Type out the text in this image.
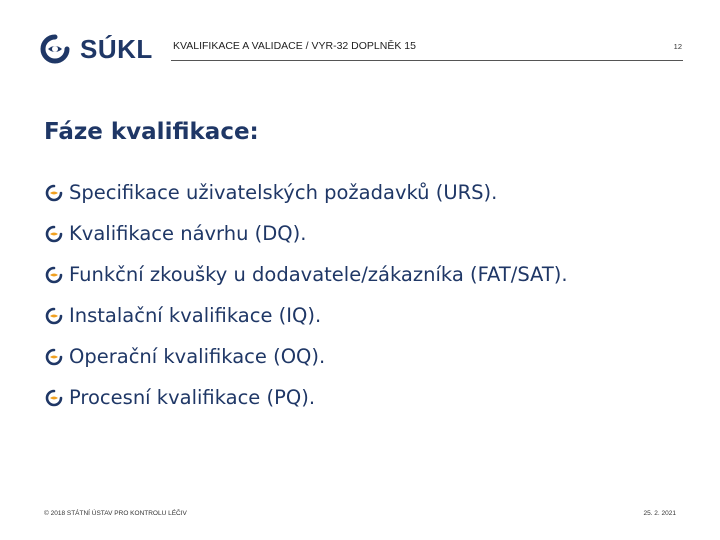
SÚKL KVALIFIKACE A VALIDACE / VYR-32 DOPLNĚK 15	12
Fáze kvalifikace:
Specifikace uživatelských požadavků (URS).
Kvalifikace návrhu (DQ).
Funkční zkoušky u dodavatele/zákazníka (FAT/SAT).
Instalační kvalifikace (IQ).
Operační kvalifikace (OQ).
Procesní kvalifikace (PQ).
© 2018 STÁTNÍ ÚSTAV PRO KONTROLU LÉČIV	25. 2. 2021
